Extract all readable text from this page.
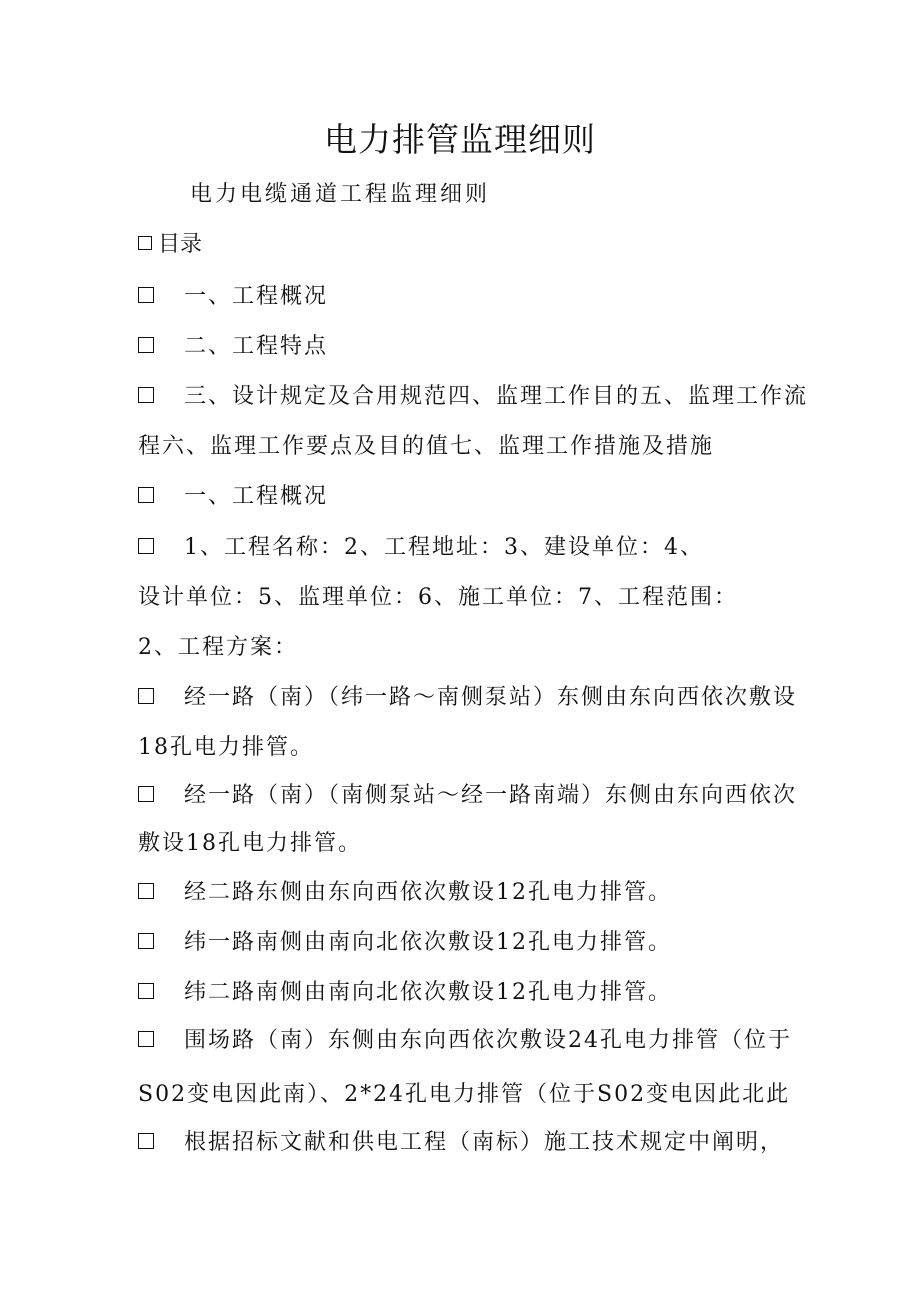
电力排管监理细则
电力电缆通道工程监理细则
目录
一、工程概况
二、工程特点
三、设计规定及合用规范四、监理工作目的五、监理工作流
程六、监理工作要点及目的值七、监理工作措施及措施
一、工程概况
1、工程名称：2、工程地址：3、建设单位：4、
设计单位：5、监理单位：6、施工单位：7、工程范围：
2、工程方案：
经一路（南）（纬一路～南侧泵站）东侧由东向西依次敷设
18孔电力排管。
经一路（南）（南侧泵站～经一路南端）东侧由东向西依次
敷设18孔电力排管。
经二路东侧由东向西依次敷设12孔电力排管。
纬一路南侧由南向北依次敷设12孔电力排管。
纬二路南侧由南向北依次敷设12孔电力排管。
围场路（南）东侧由东向西依次敷设24孔电力排管（位于
S02变电因此南）、2*24孔电力排管（位于S02变电因此北此
根据招标文献和供电工程（南标）施工技术规定中阐明，
